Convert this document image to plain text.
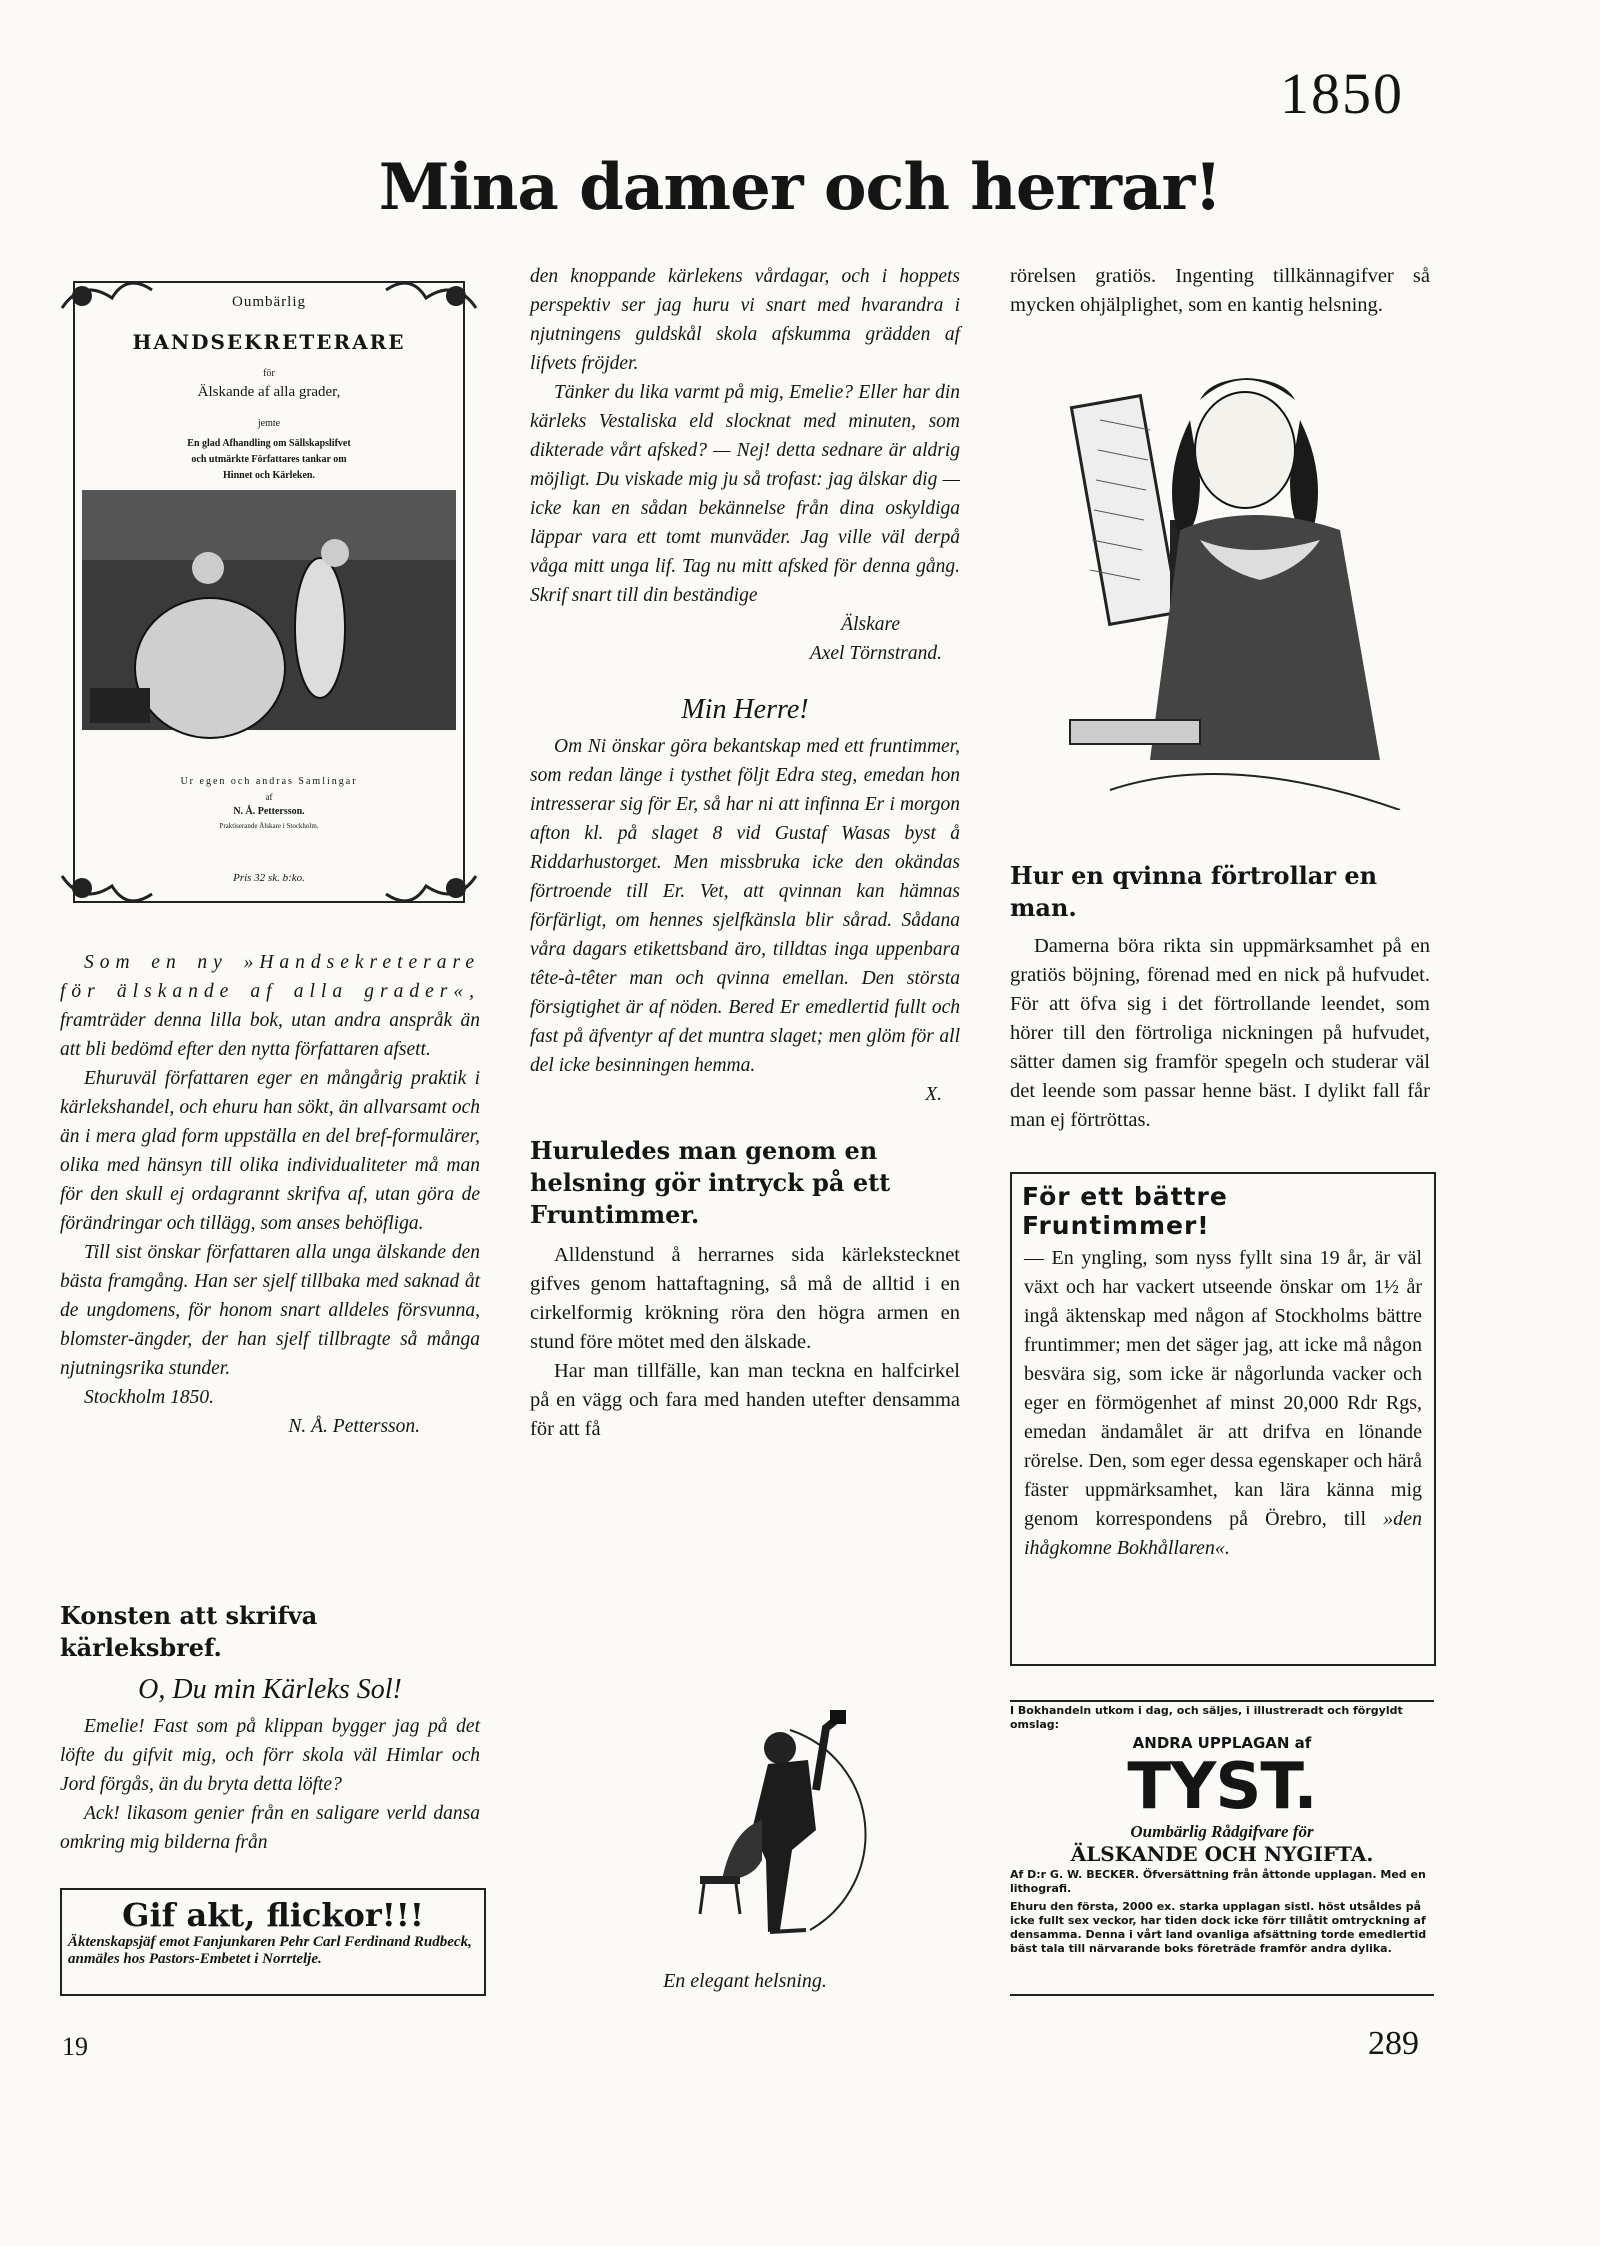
1850
Mina damer och herrar!
Oumbärlig
HANDSEKRETERARE
för
Älskande af alla grader,
jemte
En glad Afhandling om Sällskapslifvet
och utmärkte Författares tankar om
Hinnet och Kärleken.
Ur egen och andras Samlingar
af
N. Å. Pettersson.
Praktiserande Älskare i Stockholm.
Pris 32 sk. b:ko.

Som en ny »Handsekreterare för älskande af alla grader«, framträder denna lilla bok, utan andra anspråk än att bli bedömd efter den nytta författaren afsett.

Ehuruväl författaren eger en mångårig praktik i kärlekshandel, och ehuru han sökt, än allvarsamt och än i mera glad form uppställa en del bref-formulärer, olika med hänsyn till olika individualiteter må man för den skull ej ordagrannt skrifva af, utan göra de förändringar och tillägg, som anses behöfliga.

Till sist önskar författaren alla unga älskande den bästa framgång. Han ser sjelf tillbaka med saknad åt de ungdomens, för honom snart alldeles försvunna, blomster-ängder, der han sjelf tillbragte så många njutningsrika stunder.

Stockholm 1850.

N. Å. Pettersson.
Konsten att skrifva kärleksbref.
O, Du min Kärleks Sol!

Emelie! Fast som på klippan bygger jag på det löfte du gifvit mig, och förr skola väl Himlar och Jord förgås, än du bryta detta löfte?

Ack! likasom genier från en saligare verld dansa omkring mig bilderna från

Gif akt, flickor!!!
Äktenskapsjäf emot Fanjunkaren Pehr Carl Ferdinand Rudbeck, anmäles hos Pastors-Embetet i Norrtelje.

den knoppande kärlekens vårdagar, och i hoppets perspektiv ser jag huru vi snart med hvarandra i njutningens guldskål skola afskumma grädden af lifvets fröjder.

Tänker du lika varmt på mig, Emelie? Eller har din kärleks Vestaliska eld slocknat med minuten, som dikterade vårt afsked? — Nej! detta sednare är aldrig möjligt. Du viskade mig ju så trofast: jag älskar dig — icke kan en sådan bekännelse från dina oskyldiga läppar vara ett tomt munväder. Jag ville väl derpå våga mitt unga lif. Tag nu mitt afsked för denna gång. Skrif snart till din beständige

Älskare
Axel Törnstrand.
Min Herre!

Om Ni önskar göra bekantskap med ett fruntimmer, som redan länge i tysthet följt Edra steg, emedan hon intresserar sig för Er, så har ni att infinna Er i morgon afton kl. på slaget 8 vid Gustaf Wasas byst å Riddarhustorget. Men missbruka icke den okändas förtroende till Er. Vet, att qvinnan kan hämnas förfärligt, om hennes sjelfkänsla blir sårad. Sådana våra dagars etikettsband äro, tilldtas inga uppenbara tête-à-têter man och qvinna emellan. Den största försigtighet är af nöden. Bered Er emedlertid fullt och fast på äfventyr af det muntra slaget; men glöm för all del icke besinningen hemma.

X.
Huruledes man genom en helsning gör intryck på ett Fruntimmer.

Alldenstund å herrarnes sida kärlekstecknet gifves genom hattaftagning, så må de alltid i en cirkelformig krökning röra den högra armen en stund före mötet med den älskade.

Har man tillfälle, kan man teckna en halfcirkel på en vägg och fara med handen utefter densamma för att få

En elegant helsning.
rörelsen gratiös. Ingenting tillkännagifver så mycken ohjälplighet, som en kantig helsning.
Hur en qvinna förtrollar en man.

Damerna böra rikta sin uppmärksamhet på en gratiös böjning, förenad med en nick på hufvudet. För att öfva sig i det förtrollande leendet, som hörer till den förtroliga nickningen på hufvudet, sätter damen sig framför spegeln och studerar väl det leende som passar henne bäst. I dylikt fall får man ej förtröttas.

För ett bättre Fruntimmer!
— En yngling, som nyss fyllt sina 19 år, är väl växt och har vackert utseende önskar om 1½ år ingå äktenskap med någon af Stockholms bättre fruntimmer; men det säger jag, att icke må någon besvära sig, som icke är någorlunda vacker och eger en förmögenhet af minst 20,000 Rdr Rgs, emedan ändamålet är att drifva en lönande rörelse. Den, som eger dessa egenskaper och härå fäster uppmärksamhet, kan lära känna mig genom korrespondens på Örebro, till »den ihågkomne Bokhållaren«.
I Bokhandeln utkom i dag, och säljes, i illustreradt och förgyldt omslag:
ANDRA UPPLAGAN af
TYST.
Oumbärlig Rådgifvare för
ÄLSKANDE OCH NYGIFTA.
Af D:r G. W. BECKER. Öfversättning från åttonde upplagan. Med en lithografi.
Ehuru den första, 2000 ex. starka upplagan sistl. höst utsåldes på icke fullt sex veckor, har tiden dock icke förr tillåtit omtryckning af densamma. Denna i vårt land ovanliga afsättning torde emedlertid bäst tala till närvarande boks företräde framför andra dylika.
19	289
